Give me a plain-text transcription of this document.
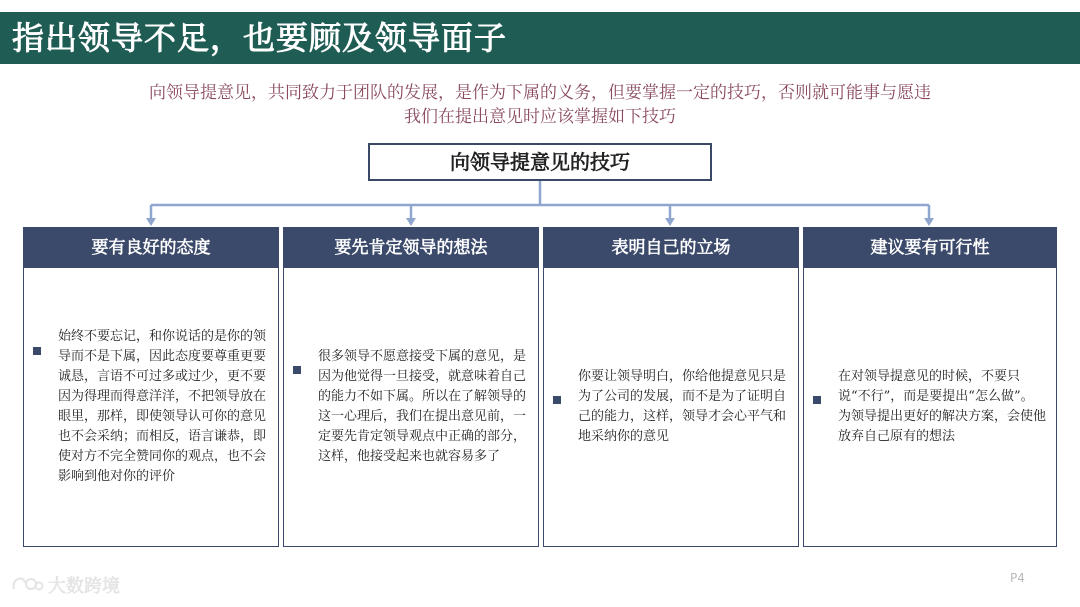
指出领导不足，也要顾及领导面子
向领导提意见，共同致力于团队的发展，是作为下属的义务，但要掌握一定的技巧，否则就可能事与愿违
我们在提出意见时应该掌握如下技巧
向领导提意见的技巧
要有良好的态度
始终不要忘记，和你说话的是你的领导而不是下属，因此态度要尊重更要诚恳，言语不可过多或过少，更不要因为得理而得意洋洋，不把领导放在眼里，那样，即使领导认可你的意见也不会采纳；而相反，语言谦恭，即使对方不完全赞同你的观点，也不会影响到他对你的评价
要先肯定领导的想法
很多领导不愿意接受下属的意见，是因为他觉得一旦接受，就意味着自己的能力不如下属。所以在了解领导的这一心理后，我们在提出意见前，一定要先肯定领导观点中正确的部分，这样，他接受起来也就容易多了
表明自己的立场
你要让领导明白，你给他提意见只是为了公司的发展，而不是为了证明自己的能力，这样，领导才会心平气和地采纳你的意见
建议要有可行性
在对领导提意见的时候，不要只说“不行”，而是要提出“怎么做”。为领导提出更好的解决方案，会使他放弃自己原有的想法
大数跨境	P4
